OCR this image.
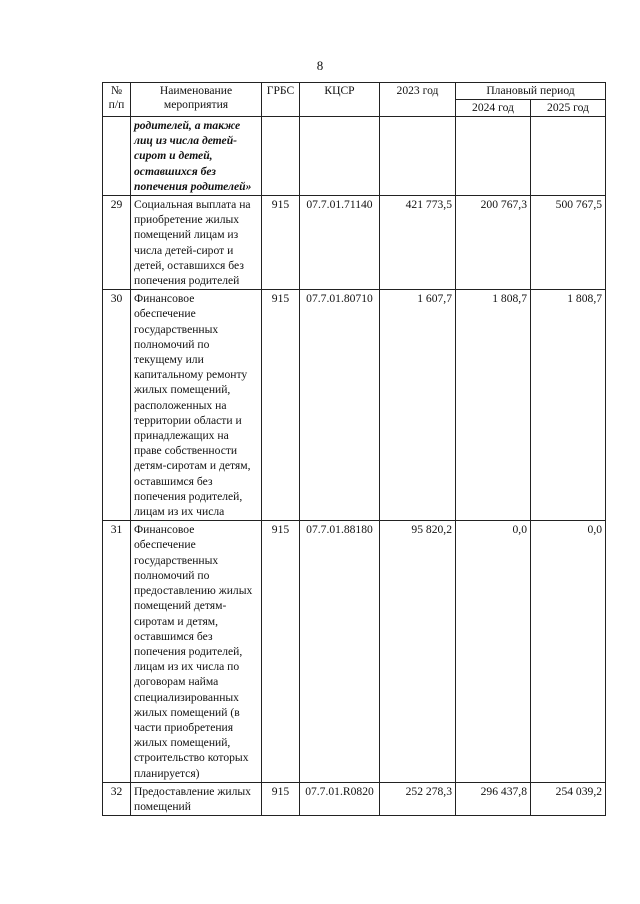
8
№ п/п	Наименование мероприятия	ГРБС	КЦСР	2023 год	Плановый период	
					2024 год	2025 год
	родителей, а также лиц из числа детей-сирот и детей, оставшихся без попечения родителей»					
29	Социальная выплата на приобретение жилых помещений лицам из числа детей-сирот и детей, оставшихся без попечения родителей	915	07.7.01.71140	421 773,5	200 767,3	500 767,5
30	Финансовое обеспечение государственных полномочий по текущему или капитальному ремонту жилых помещений, расположенных на территории области и принадлежащих на праве собственности детям-сиротам и детям, оставшимся без попечения родителей, лицам из их числа	915	07.7.01.80710	1 607,7	1 808,7	1 808,7
31	Финансовое обеспечение государственных полномочий по предоставлению жилых помещений детям-сиротам и детям, оставшимся без попечения родителей, лицам из их числа по договорам найма специализированных жилых помещений (в части приобретения жилых помещений, строительство которых планируется)	915	07.7.01.88180	95 820,2	0,0	0,0
32	Предоставление жилых помещений	915	07.7.01.R0820	252 278,3	296 437,8	254 039,2
